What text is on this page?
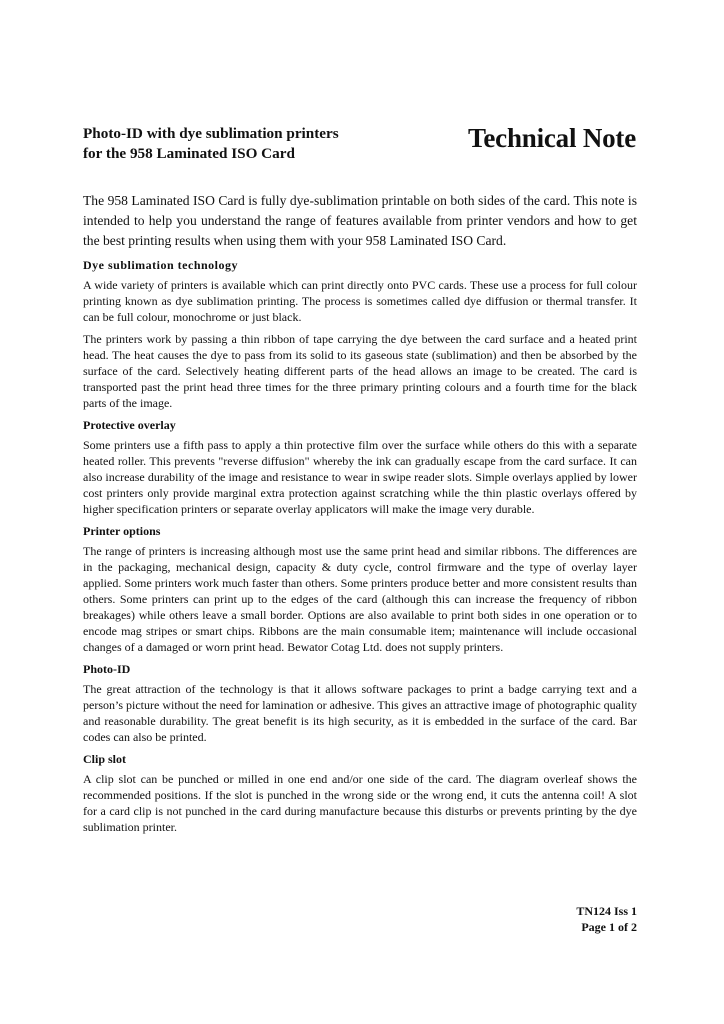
Photo-ID with dye sublimation printers
for the 958 Laminated ISO Card
Technical Note

The 958 Laminated ISO Card is fully dye-sublimation printable on both sides of the card. This note is intended to help you understand the range of features available from printer vendors and how to get the best printing results when using them with your 958 Laminated ISO Card.

Dye sublimation technology

A wide variety of printers is available which can print directly onto PVC cards. These use a process for full colour printing known as dye sublimation printing. The process is sometimes called dye diffusion or thermal transfer. It can be full colour, monochrome or just black.

The printers work by passing a thin ribbon of tape carrying the dye between the card surface and a heated print head. The heat causes the dye to pass from its solid to its gaseous state (sublimation) and then be absorbed by the surface of the card. Selectively heating different parts of the head allows an image to be created. The card is transported past the print head three times for the three primary printing colours and a fourth time for the black parts of the image.

Protective overlay

Some printers use a fifth pass to apply a thin protective film over the surface while others do this with a separate heated roller. This prevents "reverse diffusion" whereby the ink can gradually escape from the card surface. It can also increase durability of the image and resistance to wear in swipe reader slots. Simple overlays applied by lower cost printers only provide marginal extra protection against scratching while the thin plastic overlays offered by higher specification printers or separate overlay applicators will make the image very durable.

Printer options

The range of printers is increasing although most use the same print head and similar ribbons. The differences are in the packaging, mechanical design, capacity & duty cycle, control firmware and the type of overlay layer applied. Some printers work much faster than others. Some printers produce better and more consistent results than others. Some printers can print up to the edges of the card (although this can increase the frequency of ribbon breakages) while others leave a small border. Options are also available to print both sides in one operation or to encode mag stripes or smart chips. Ribbons are the main consumable item; maintenance will include occasional changes of a damaged or worn print head. Bewator Cotag Ltd. does not supply printers.

Photo-ID

The great attraction of the technology is that it allows software packages to print a badge carrying text and a person’s picture without the need for lamination or adhesive. This gives an attractive image of photographic quality and reasonable durability. The great benefit is its high security, as it is embedded in the surface of the card. Bar codes can also be printed.

Clip slot

A clip slot can be punched or milled in one end and/or one side of the card. The diagram overleaf shows the recommended positions. If the slot is punched in the wrong side or the wrong end, it cuts the antenna coil! A slot for a card clip is not punched in the card during manufacture because this disturbs or prevents printing by the dye sublimation printer.

TN124 Iss 1
Page 1 of 2
